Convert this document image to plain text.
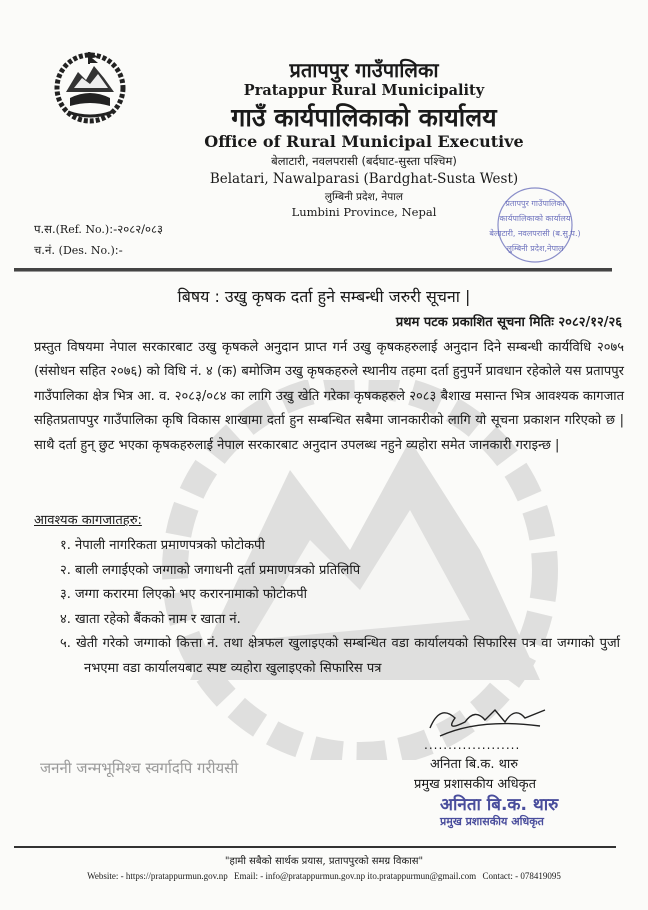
प्रतापपुर गाउँपालिका
Pratappur Rural Municipality
गाउँ कार्यपालिकाको कार्यालय
Office of Rural Municipal Executive
बेलाटारी, नवलपरासी (बर्दघाट-सुस्ता पश्चिम)
Belatari, Nawalparasi (Bardghat-Susta West)
लुम्बिनी प्रदेश, नेपाल
Lumbini Province, Nepal
प्रतापपुर गाउँपालिका
कार्यपालिकाको कार्यालय
बेलाटारी, नवलपरासी (ब.सु.प.)
लुम्बिनी प्रदेश,नेपाल
प.स.(Ref. No.):-२०८२/०८३
च.नं. (Des. No.):-
जननी जन्मभूमिश्च स्वर्गादपि गरीयसी
बिषय : उखु कृषक दर्ता हुने सम्बन्धी जरुरी सूचना |
प्रथम पटक प्रकाशित सूचना मितिः २०८२/१२/२६
प्रस्तुत विषयमा नेपाल सरकारबाट उखु कृषकले अनुदान प्राप्त गर्न उखु कृषकहरुलाई अनुदान दिने सम्बन्धी कार्यविधि २०७५ (संसोधन सहित २०७६) को विधि नं. ४ (क) बमोजिम उखु कृषकहरुले स्थानीय तहमा दर्ता हुनुपर्ने प्रावधान रहेकोले यस प्रतापपुर गाउँपालिका क्षेत्र भित्र आ. व. २०८३/०८४ का लागि उखु खेति गरेका कृषकहरुले २०८३ बैशाख मसान्त भित्र आवश्यक कागजात सहितप्रतापपुर गाउँपालिका कृषि विकास शाखामा दर्ता हुन सम्बन्धित सबैमा जानकारीको लागि यो सूचना प्रकाशन गरिएको छ | साथै दर्ता हुन् छुट भएका कृषकहरुलाई नेपाल सरकारबाट अनुदान उपलब्ध नहुने व्यहोरा समेत जानकारी गराइन्छ |
आवश्यक कागजातहरु:
१. नेपाली नागरिकता प्रमाणपत्रको फोटोकपी
२. बाली लगाईएको जग्गाको जगाधनी दर्ता प्रमाणपत्रको प्रतिलिपि
३. जग्गा करारमा लिएको भए करारनामाको फोटोकपी
४. खाता रहेको बैंकको नाम र खाता नं.
५. खेती गरेको जग्गाको कित्ता नं. तथा क्षेत्रफल खुलाइएको सम्बन्धित वडा कार्यालयको सिफारिस पत्र वा जग्गाको पुर्जा नभएमा वडा कार्यालयबाट स्पष्ट व्यहोरा खुलाइएको सिफारिस पत्र
....................
अनिता बि.क. थारु
प्रमुख प्रशासकीय अधिकृत
अनिता बि.क. थारु
प्रमुख प्रशासकीय अधिकृत
"हामी सबैको सार्थक प्रयास, प्रतापपुरको समग्र विकास"
Website: - https://pratappurmun.gov.np Email: - info@pratappurmun.gov.np ito.pratappurmun@gmail.com Contact: - 078419095
